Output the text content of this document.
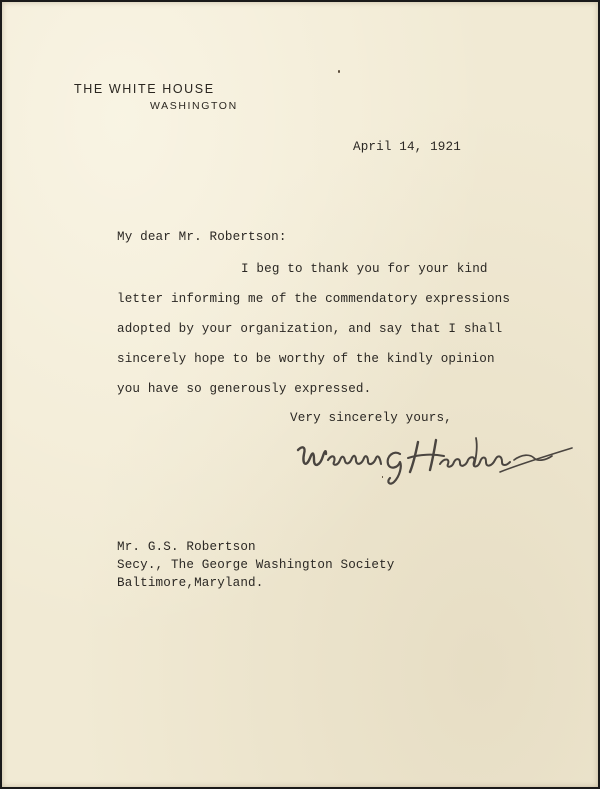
THE WHITE HOUSE
WASHINGTON
April 14, 1921
My dear Mr. Robertson:
I beg to thank you for your kind
letter informing me of the commendatory expressions
adopted by your organization, and say that I shall
sincerely hope to be worthy of the kindly opinion
you have so generously expressed.
Very sincerely yours,
Mr. G.S. Robertson
Secy., The George Washington Society
Baltimore,Maryland.
